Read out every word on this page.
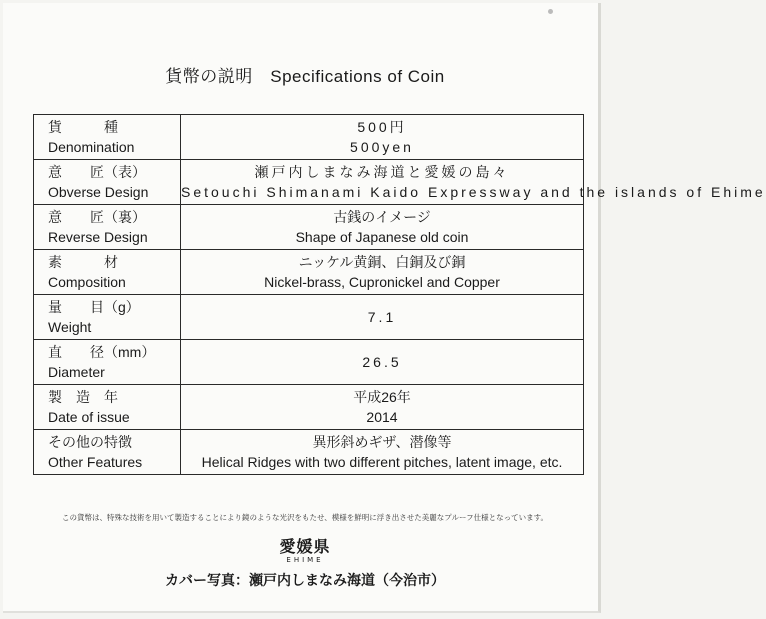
貨幣の説明　Specifications of Coin
貨　　　種
Denomination	500円
500yen

意　　匠（表）
Obverse Design	瀬戸内しまなみ海道と愛媛の島々
Setouchi Shimanami Kaido Expressway and the islands of Ehime

意　　匠（裏）
Reverse Design	古銭のイメージ
Shape of Japanese old coin

素　　　材
Composition	ニッケル黄銅、白銅及び銅
Nickel-brass, Cupronickel and Copper

量　　目（g）
Weight	7.1

直　　径（mm）
Diameter	26.5

製　造　年
Date of issue	平成26年
2014

その他の特徴
Other Features	異形斜めギザ、潜像等
Helical Ridges with two different pitches, latent image, etc.
この貨幣は、特殊な技術を用いて製造することにより鏡のような光沢をもたせ、模様を鮮明に浮き出させた美麗なプルーフ仕様となっています。
愛媛県
EHIME
カバー写真：瀬戸内しまなみ海道（今治市）
